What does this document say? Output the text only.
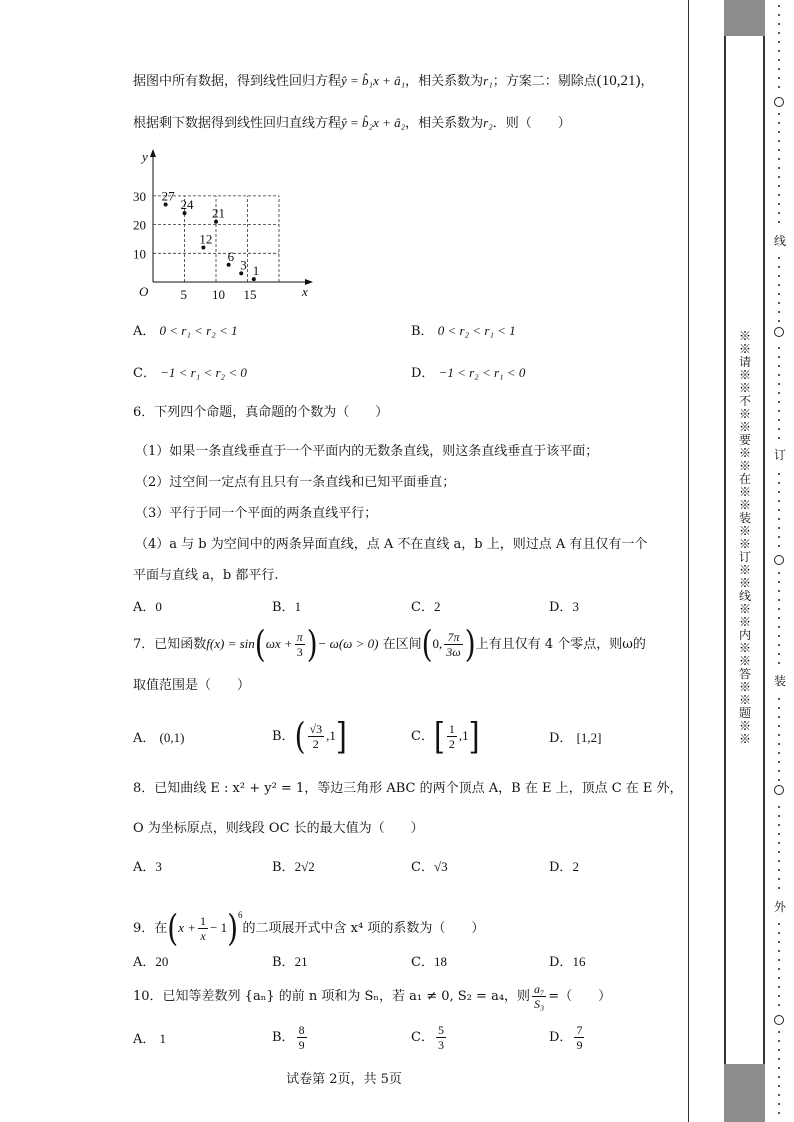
据图中所有数据，得到线性回归方程ŷ = b̂₁x + â₁，相关系数为r₁；方案二：剔除点(10,21)，
根据剩下数据得到线性回归直线方程ŷ = b̂₂x + â₂，相关系数为r₂．则（　　）
y
x
O
10
20
30
5 10 15
27
24
12
21
6
3 1
A． 0 < r₁ < r₂ < 1	B． 0 < r₂ < r₁ < 1
C． −1 < r₁ < r₂ < 0	D． −1 < r₂ < r₁ < 0
6．下列四个命题，真命题的个数为（　　）
（1）如果一条直线垂直于一个平面内的无数条直线，则这条直线垂直于该平面；
（2）过空间一定点有且只有一条直线和已知平面垂直；
（3）平行于同一个平面的两条直线平行；
（4）a 与 b 为空间中的两条异面直线，点 A 不在直线 a，b 上，则过点 A 有且仅有一个
平面与直线 a，b 都平行.
A．0	B．1	C．2	D．3
7．已知函数$f(x) = \sin(\omega x + \frac{\pi}{3}$ )− ω(ω > 0) 在区间(0, $\frac{7\pi}{3\omega}$ )上有且仅有 4 个零点，则ω的
取值范围是（　　）
A． (0,1)	B．( $\frac{√3}{2} ,1$]	C．[ $\frac{1}{2} ,1$]	D． [1,2]
8．已知曲线 E : x² + y² = 1，等边三角形 ABC 的两个顶点 A，B 在 E 上，顶点 C 在 E 外，
O 为坐标原点，则线段 OC 长的最大值为（　　）
A．3	B．2√2	C．√3	D．2
9．在$(x + \frac{1}{x} - 1)^6$的二项展开式中含 x⁴ 项的系数为（　　）
A．20	B．21	C．18	D．16
10．已知等差数列 {aₙ} 的前 n 项和为 Sₙ，若 a₁ ≠ 0, S₂ = a₄，则 $\frac{\text{a₇}}{\text{S₃}}$ =（　　）
A． 1	B． $\frac{8}{9}$	C． $\frac{5}{3}$	D． $\frac{7}{9}$
试卷第 2页，共 5页
※※请※※不※※要※※在※※装※※订※※线※※内※※答※※题※※
线
订
装
外
